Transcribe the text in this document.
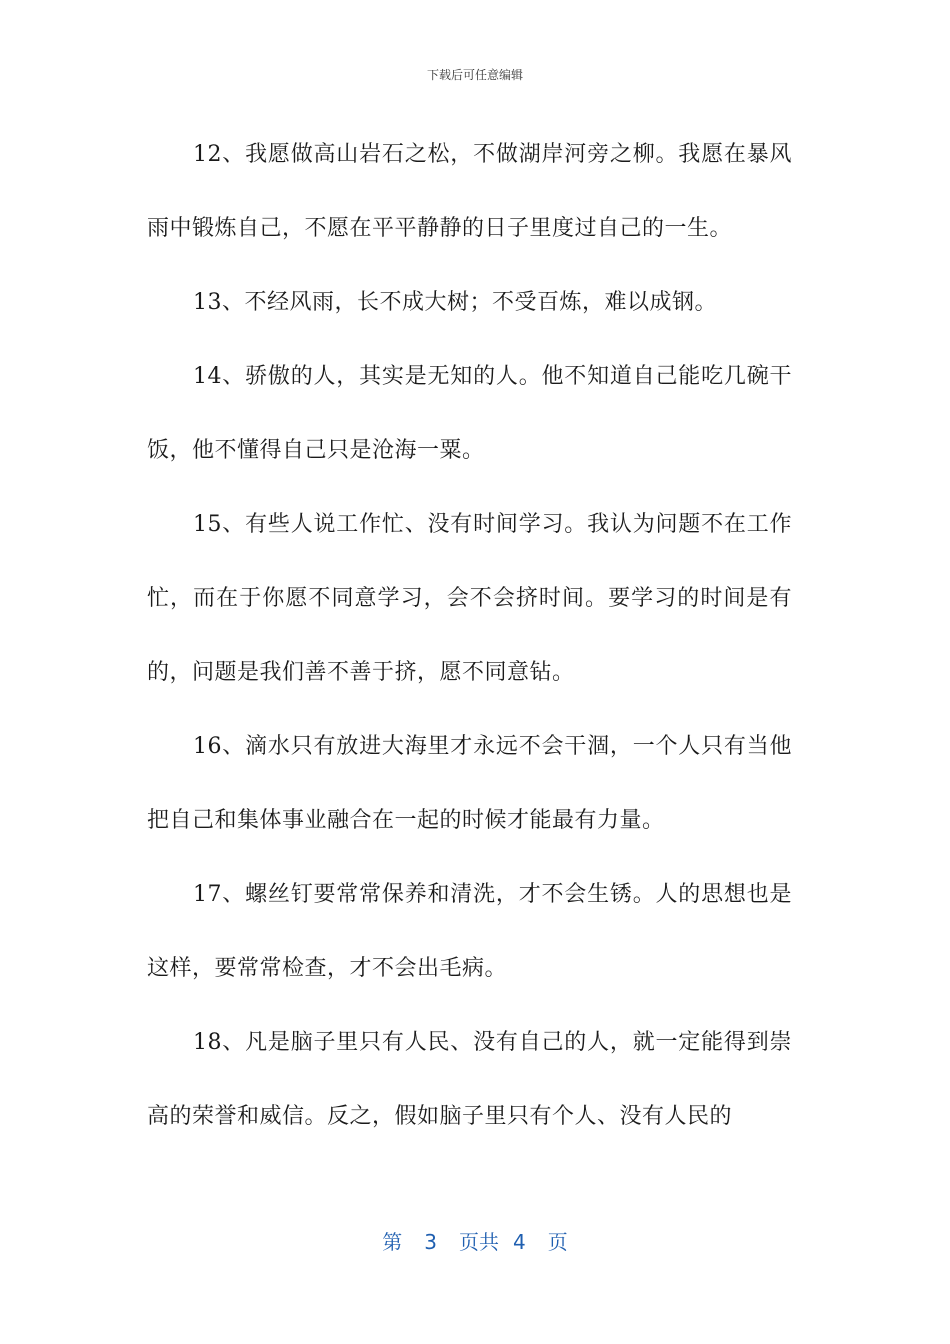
下载后可任意编辑

12、我愿做高山岩石之松，不做湖岸河旁之柳。我愿在暴风雨中锻炼自己，不愿在平平静静的日子里度过自己的一生。

13、不经风雨，长不成大树；不受百炼，难以成钢。

14、骄傲的人，其实是无知的人。他不知道自己能吃几碗干饭，他不懂得自己只是沧海一粟。

15、有些人说工作忙、没有时间学习。我认为问题不在工作忙，而在于你愿不同意学习，会不会挤时间。要学习的时间是有的，问题是我们善不善于挤，愿不同意钻。

16、滴水只有放进大海里才永远不会干涸，一个人只有当他把自己和集体事业融合在一起的时候才能最有力量。

17、螺丝钉要常常保养和清洗，才不会生锈。人的思想也是这样，要常常检查，才不会出毛病。

18、凡是脑子里只有人民、没有自己的人，就一定能得到崇高的荣誉和威信。反之，假如脑子里只有个人、没有人民的

第 3 页共 4 页
